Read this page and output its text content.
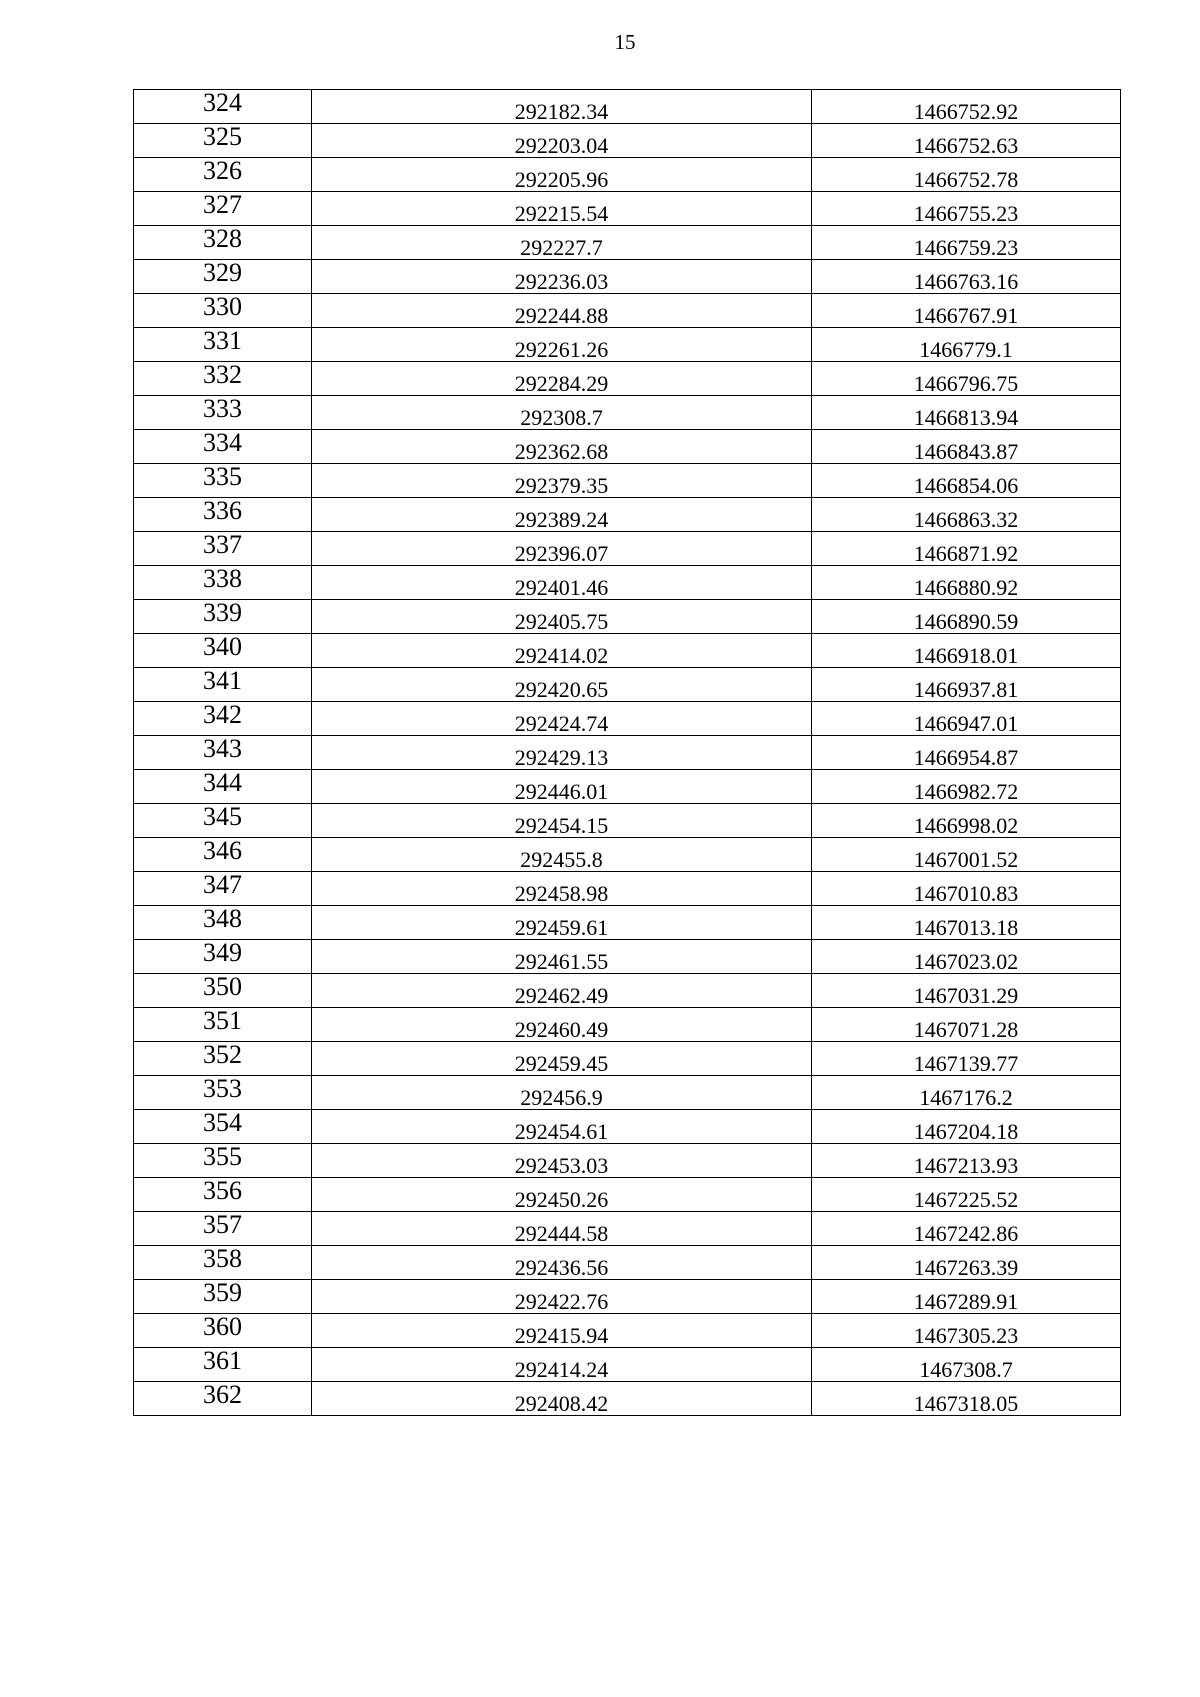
15
324	292182.34	1466752.92
325	292203.04	1466752.63
326	292205.96	1466752.78
327	292215.54	1466755.23
328	292227.7	1466759.23
329	292236.03	1466763.16
330	292244.88	1466767.91
331	292261.26	1466779.1
332	292284.29	1466796.75
333	292308.7	1466813.94
334	292362.68	1466843.87
335	292379.35	1466854.06
336	292389.24	1466863.32
337	292396.07	1466871.92
338	292401.46	1466880.92
339	292405.75	1466890.59
340	292414.02	1466918.01
341	292420.65	1466937.81
342	292424.74	1466947.01
343	292429.13	1466954.87
344	292446.01	1466982.72
345	292454.15	1466998.02
346	292455.8	1467001.52
347	292458.98	1467010.83
348	292459.61	1467013.18
349	292461.55	1467023.02
350	292462.49	1467031.29
351	292460.49	1467071.28
352	292459.45	1467139.77
353	292456.9	1467176.2
354	292454.61	1467204.18
355	292453.03	1467213.93
356	292450.26	1467225.52
357	292444.58	1467242.86
358	292436.56	1467263.39
359	292422.76	1467289.91
360	292415.94	1467305.23
361	292414.24	1467308.7
362	292408.42	1467318.05
